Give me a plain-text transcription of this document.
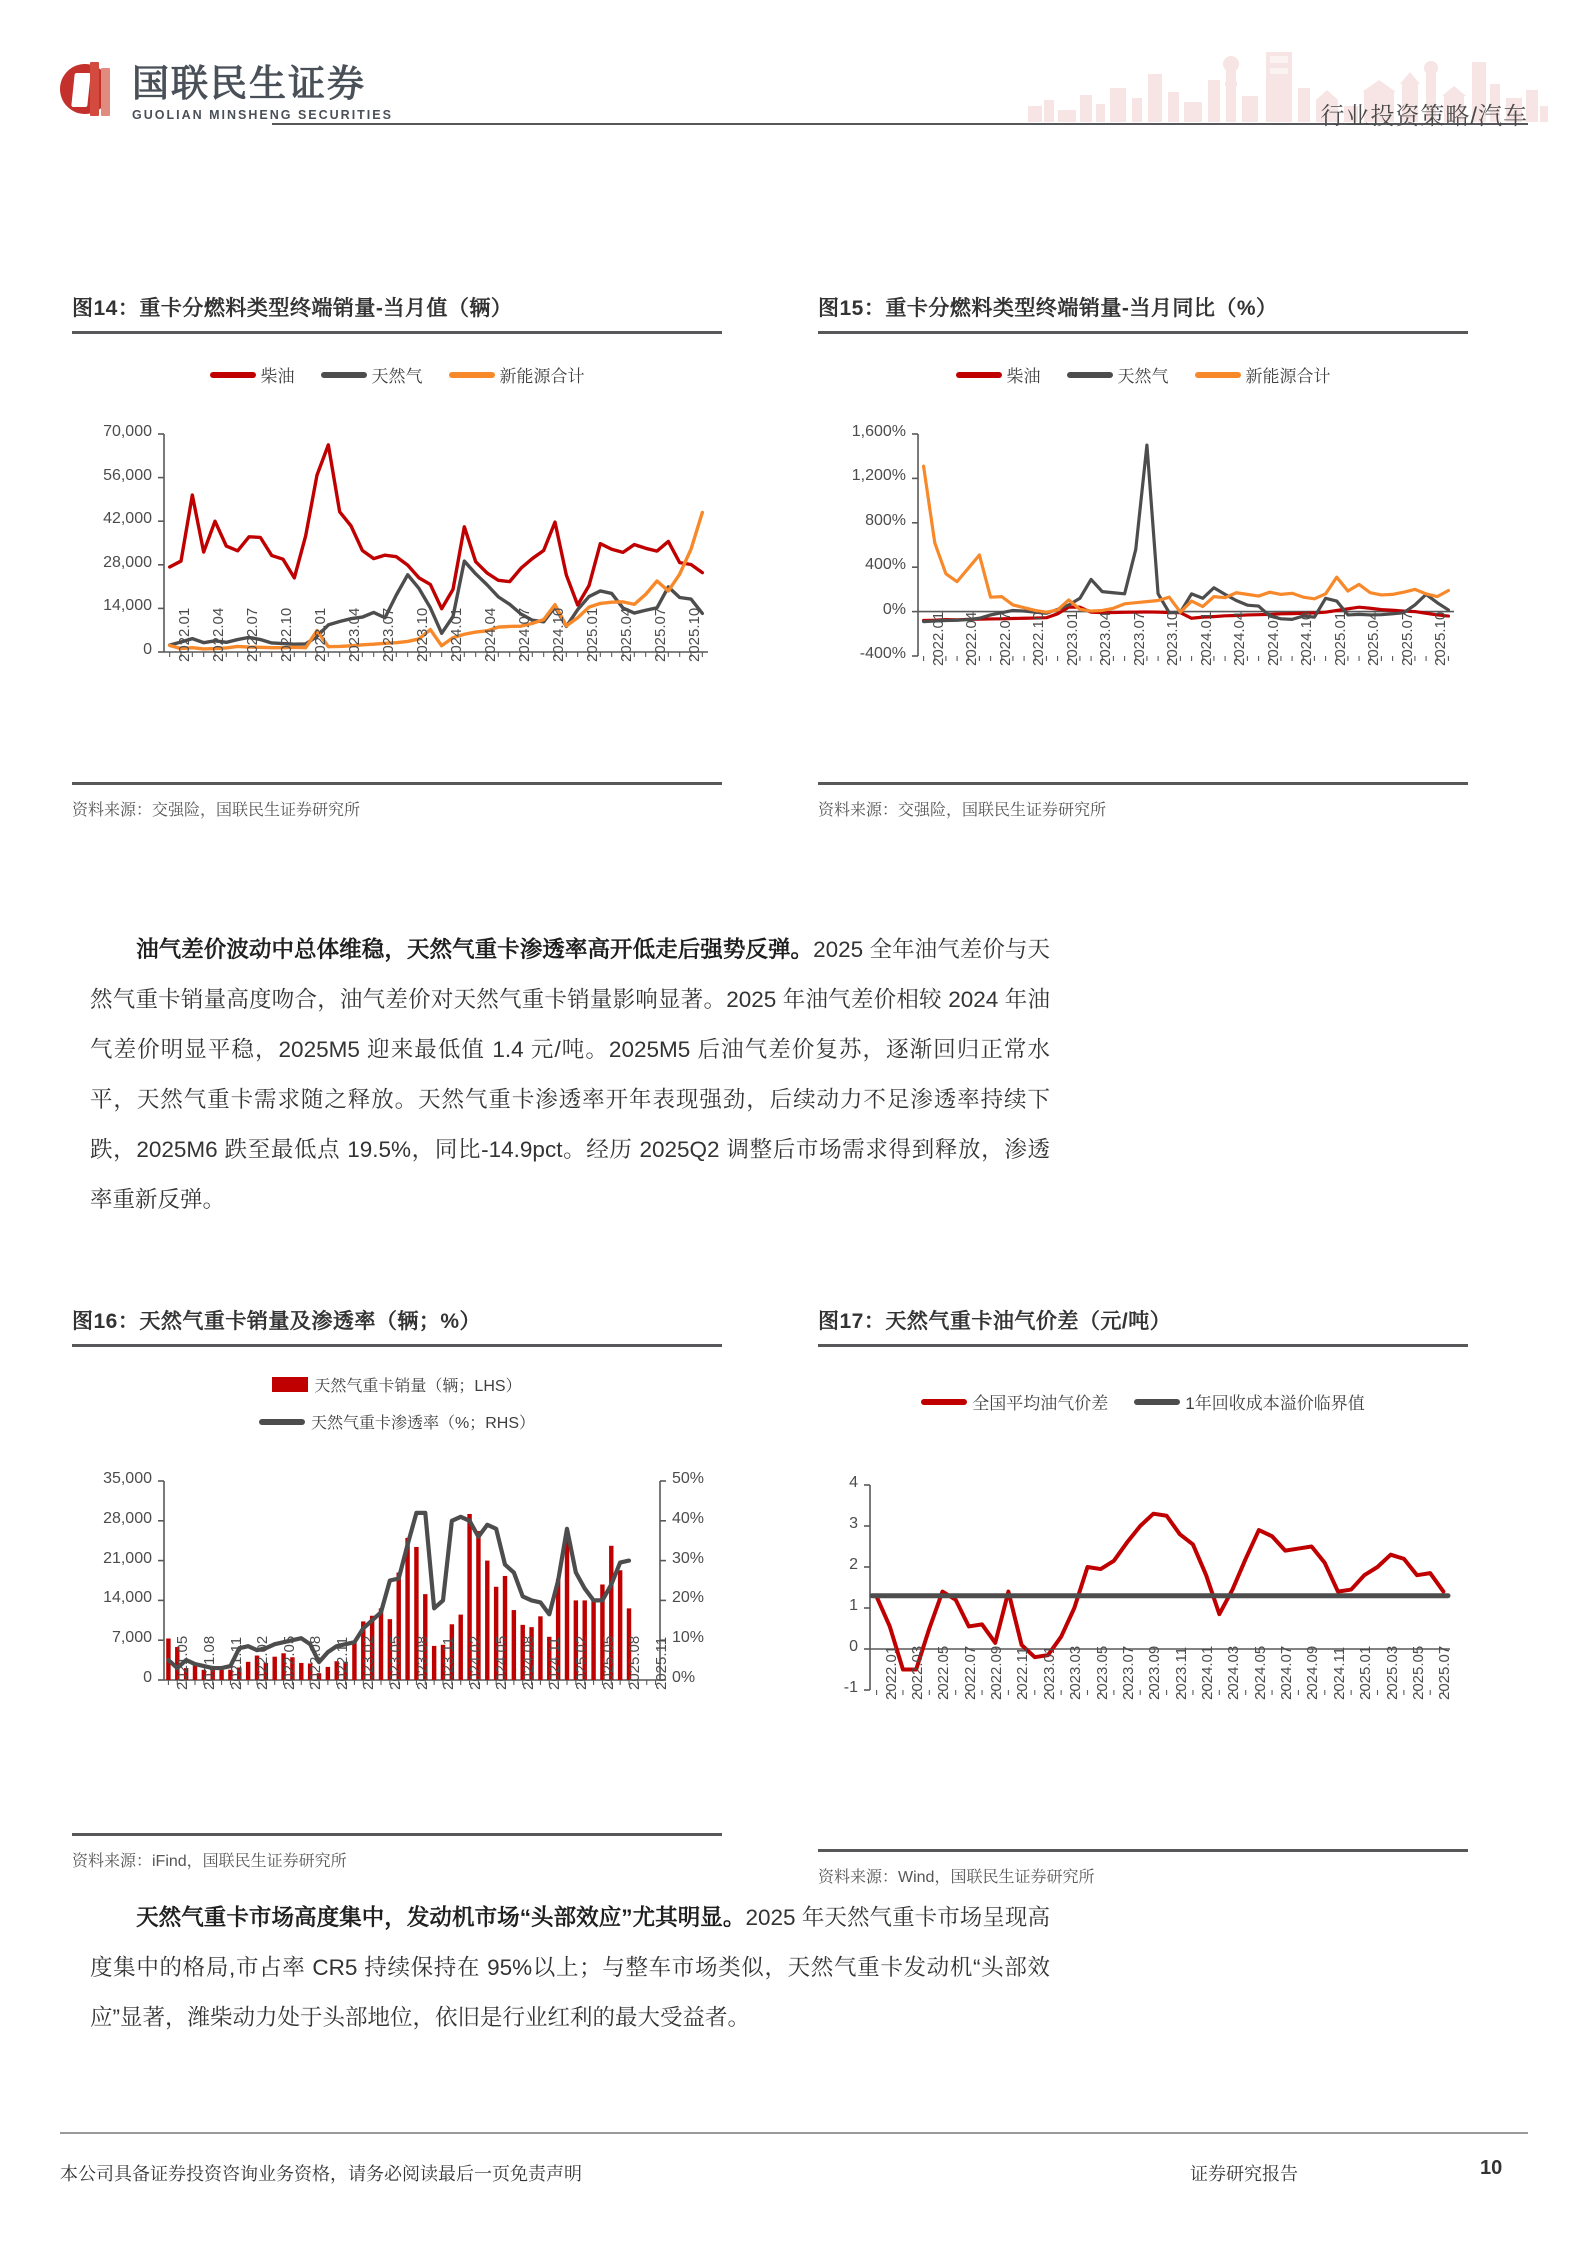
国联民生证券
GUOLIAN MINSHENG SECURITIES	行业投资策略/汽车
图14：重卡分燃料类型终端销量-当月值（辆）
柴油	天然气	新能源合计
2022.01 2022.04 2022.07 2022.10 2023.01 2023.04 2023.07 2023.10 2024.01 2024.04 2024.07 2024.10 2025.01 2025.04 2025.07 2025.10
0
14,000
28,000
42,000
56,000
70,000
资料来源：交强险，国联民生证券研究所
图15：重卡分燃料类型终端销量-当月同比（%）
柴油	天然气	新能源合计
2022.01 2022.04 2022.07 2022.10 2023.01 2023.04 2023.07 2023.10 2024.01 2024.04 2024.07 2024.10 2025.01 2025.04 2025.07 2025.10
-400%
0%
400%
800%
1,200%
1,600%
资料来源：交强险，国联民生证券研究所
油气差价波动中总体维稳，天然气重卡渗透率高开低走后强势反弹。2025 全年油气差价与天然气重卡销量高度吻合，油气差价对天然气重卡销量影响显著。2025 年油气差价相较 2024 年油气差价明显平稳，2025M5 迎来最低值 1.4 元/吨。2025M5 后油气差价复苏，逐渐回归正常水平，天然气重卡需求随之释放。天然气重卡渗透率开年表现强劲，后续动力不足渗透率持续下跌，2025M6 跌至最低点 19.5%，同比-14.9pct。经历 2025Q2 调整后市场需求得到释放，渗透率重新反弹。
图16：天然气重卡销量及渗透率（辆；%）
天然气重卡销量（辆；LHS）
天然气重卡渗透率（%；RHS）
2021.05 2021.08 2021.11 2022.02 2022.05 2022.08 2022.11 2023.02 2023.05 2023.08 2023.11 2024.02 2024.05 2024.08 2024.11 2025.02 2025.05 2025.08 2025.11
0
7,000
14,000
21,000
28,000
35,000
0%
10%
20%
30%
40%
50%
资料来源：iFind，国联民生证券研究所
图17：天然气重卡油气价差（元/吨）
全国平均油气价差	1年回收成本溢价临界值
2022.01 2022.03 2022.05 2022.07 2022.09 2022.11 2023.01 2023.03 2023.05 2023.07 2023.09 2023.11 2024.01 2024.03 2024.05 2024.07 2024.09 2024.11 2025.01 2025.03 2025.05 2025.07
-1
0
1
2
3
4
资料来源：Wind，国联民生证券研究所
天然气重卡市场高度集中，发动机市场“头部效应”尤其明显。2025 年天然气重卡市场呈现高度集中的格局,市占率 CR5 持续保持在 95%以上；与整车市场类似，天然气重卡发动机“头部效应”显著，潍柴动力处于头部地位，依旧是行业红利的最大受益者。
本公司具备证券投资咨询业务资格，请务必阅读最后一页免责声明	证券研究报告	10
